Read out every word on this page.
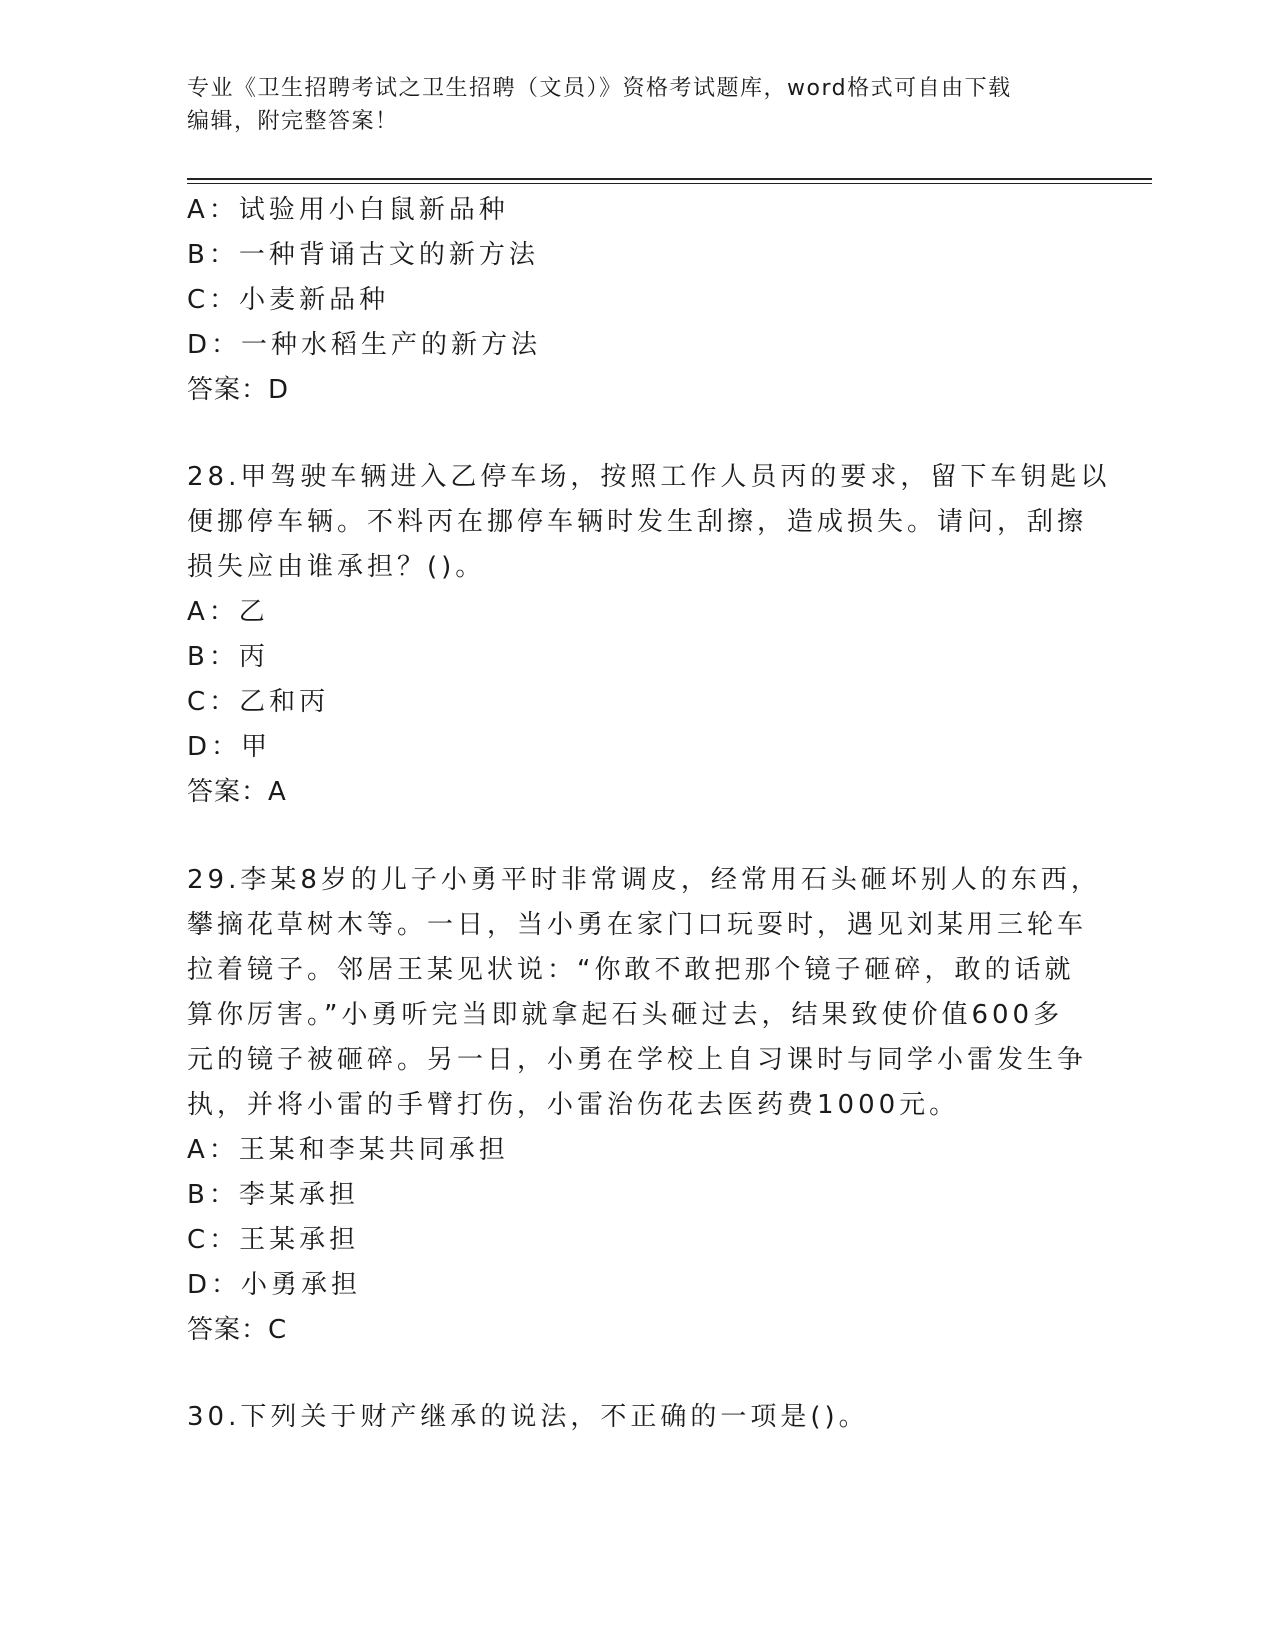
专业《卫生招聘考试之卫生招聘（文员）》资格考试题库，word格式可自由下载
编辑，附完整答案！
A：试验用小白鼠新品种
B：一种背诵古文的新方法
C：小麦新品种
D：一种水稻生产的新方法
答案：D
28.甲驾驶车辆进入乙停车场，按照工作人员丙的要求，留下车钥匙以
便挪停车辆。不料丙在挪停车辆时发生刮擦，造成损失。请问，刮擦
损失应由谁承担？()。
A：乙
B：丙
C：乙和丙
D：甲
答案：A
29.李某8岁的儿子小勇平时非常调皮，经常用石头砸坏别人的东西，
攀摘花草树木等。一日，当小勇在家门口玩耍时，遇见刘某用三轮车
拉着镜子。邻居王某见状说：“你敢不敢把那个镜子砸碎，敢的话就
算你厉害。”小勇听完当即就拿起石头砸过去，结果致使价值600多
元的镜子被砸碎。另一日，小勇在学校上自习课时与同学小雷发生争
执，并将小雷的手臂打伤，小雷治伤花去医药费1000元。
A：王某和李某共同承担
B：李某承担
C：王某承担
D：小勇承担
答案：C
30.下列关于财产继承的说法，不正确的一项是()。
